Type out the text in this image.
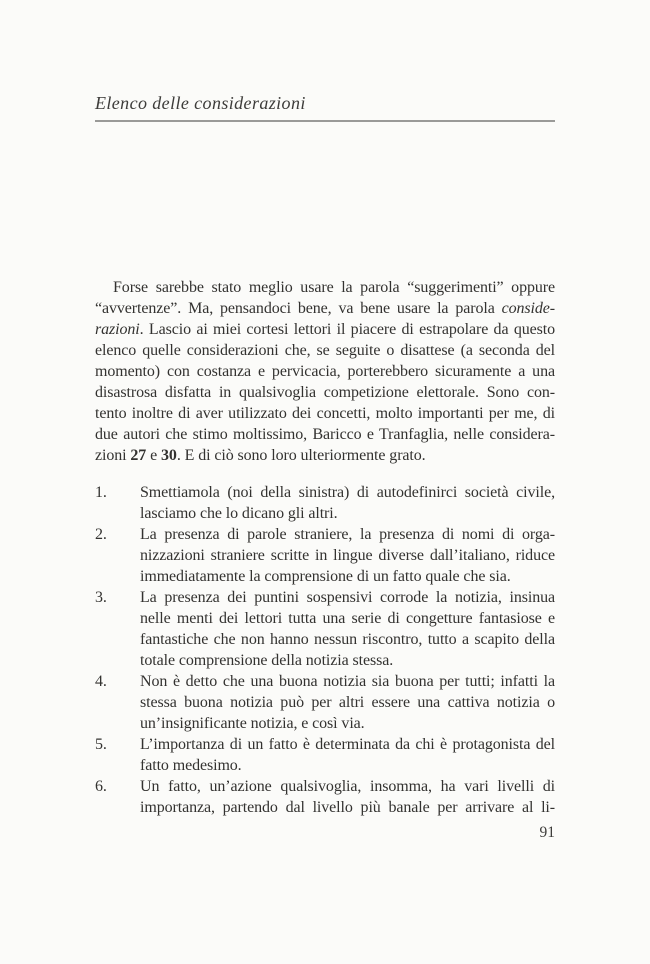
Elenco delle considerazioni
Forse sarebbe stato meglio usare la parola “suggerimenti” oppure
“avvertenze”. Ma, pensandoci bene, va bene usare la parola conside-
razioni. Lascio ai miei cortesi lettori il piacere di estrapolare da questo
elenco quelle considerazioni che, se seguite o disattese (a seconda del
momento) con costanza e pervicacia, porterebbero sicuramente a una
disastrosa disfatta in qualsivoglia competizione elettorale. Sono con-
tento inoltre di aver utilizzato dei concetti, molto importanti per me, di
due autori che stimo moltissimo, Baricco e Tranfaglia, nelle considera-
zioni 27 e 30. E di ciò sono loro ulteriormente grato.
1. Smettiamola (noi della sinistra) di autodefinirci società civile,
lasciamo che lo dicano gli altri.
2. La presenza di parole straniere, la presenza di nomi di orga-
nizzazioni straniere scritte in lingue diverse dall’italiano, riduce
immediatamente la comprensione di un fatto quale che sia.
3. La presenza dei puntini sospensivi corrode la notizia, insinua
nelle menti dei lettori tutta una serie di congetture fantasiose e
fantastiche che non hanno nessun riscontro, tutto a scapito della
totale comprensione della notizia stessa.
4. Non è detto che una buona notizia sia buona per tutti; infatti la
stessa buona notizia può per altri essere una cattiva notizia o
un’insignificante notizia, e così via.
5. L’importanza di un fatto è determinata da chi è protagonista del
fatto medesimo.
6. Un fatto, un’azione qualsivoglia, insomma, ha vari livelli di
importanza, partendo dal livello più banale per arrivare al li-
91
